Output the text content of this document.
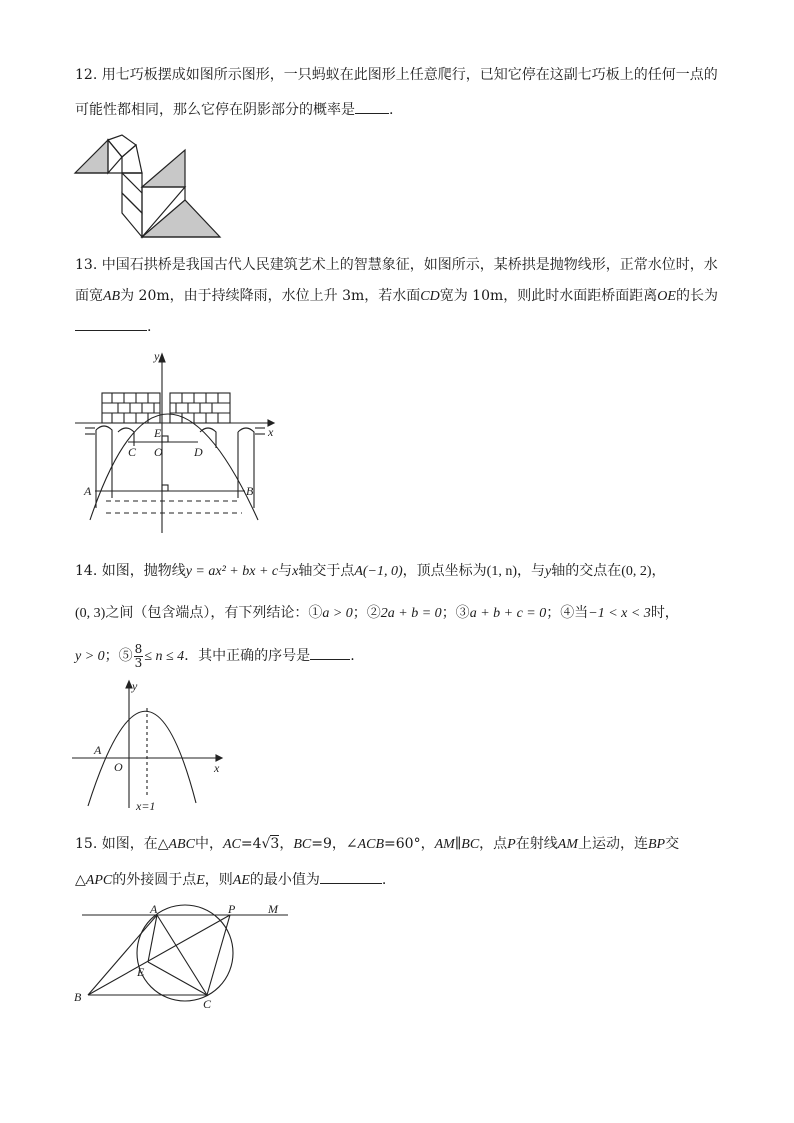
12. 用七巧板摆成如图所示图形，一只蚂蚁在此图形上任意爬行，已知它停在这副七巧板上的任何一点的
可能性都相同，那么它停在阴影部分的概率是 .
13. 中国石拱桥是我国古代人民建筑艺术上的智慧象征，如图所示，某桥拱是抛物线形，正常水位时，水
面宽AB为 20m，由于持续降雨，水位上升 3m，若水面CD宽为 10m，则此时水面距桥面距离OE的长为
.
y
x
E
C O	D
A	B
14. 如图，抛物线y = ax² + bx + c与x轴交于点A(−1, 0)，顶点坐标为(1, n)，与y轴的交点在(0, 2)，
(0, 3)之间（包含端点），有下列结论：①a > 0；②2a + b = 0；③a + b + c = 0；④当−1 < x < 3时，
y > 0；⑤ $\frac{8}{3} \le n \le 4$．其中正确的序号是	.
y
x
A
O
x=1
15. 如图，在△ABC中，AC=4√3，BC=9，∠ACB=60°，AM∥BC，点P在射线AM上运动，连BP交
△APC的外接圆于点E，则AE的最小值为	.
A	P	M
E
B	C
